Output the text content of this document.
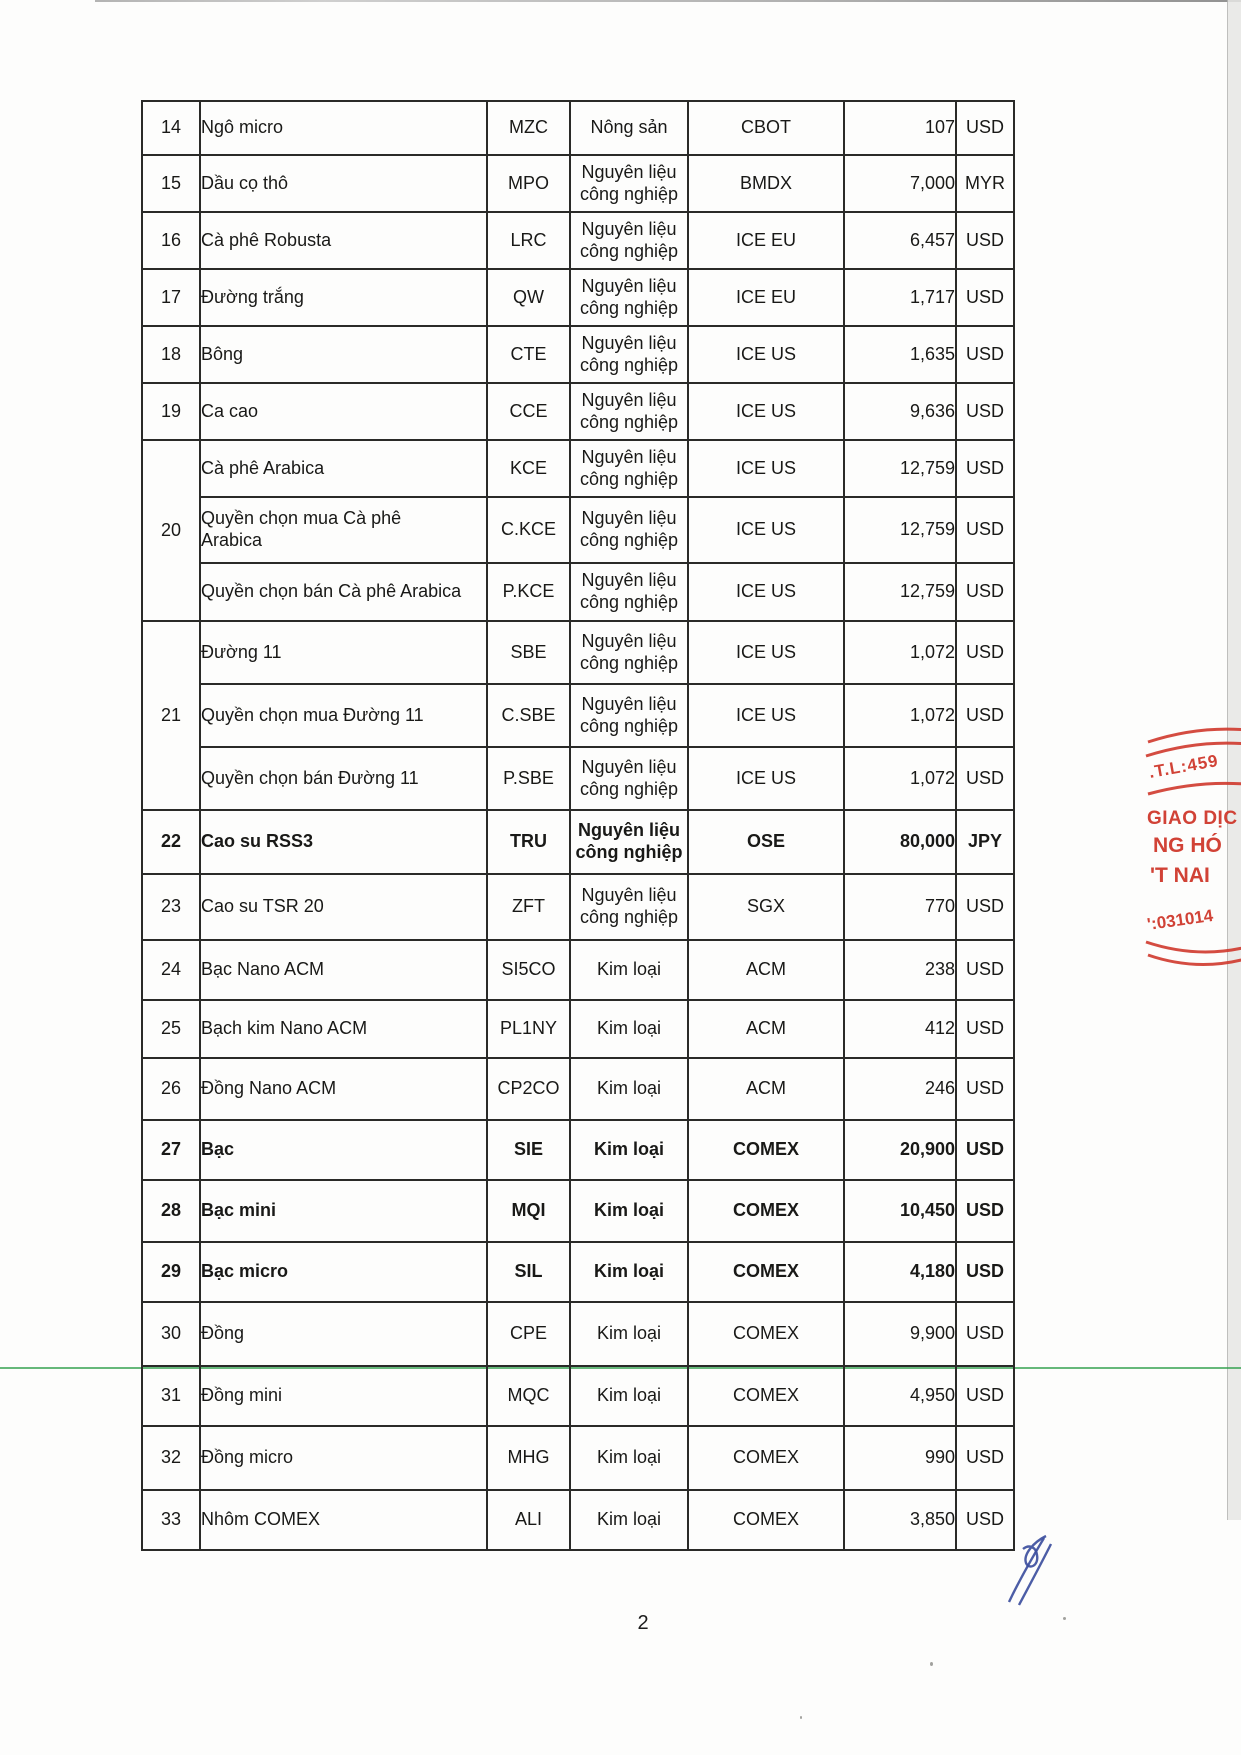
14	Ngô micro	MZC	Nông sản	CBOT	107	USD
15	Dầu cọ thô	MPO	Nguyên liệu công nghiệp	BMDX	7,000	MYR
16	Cà phê Robusta	LRC	Nguyên liệu công nghiệp	ICE EU	6,457	USD
17	Đường trắng	QW	Nguyên liệu công nghiệp	ICE EU	1,717	USD
18	Bông	CTE	Nguyên liệu công nghiệp	ICE US	1,635	USD
19	Ca cao	CCE	Nguyên liệu công nghiệp	ICE US	9,636	USD
20	Cà phê Arabica	KCE	Nguyên liệu công nghiệp	ICE US	12,759	USD
	Quyền chọn mua Cà phê Arabica	C.KCE	Nguyên liệu công nghiệp	ICE US	12,759	USD
	Quyền chọn bán Cà phê Arabica	P.KCE	Nguyên liệu công nghiệp	ICE US	12,759	USD
21	Đường 11	SBE	Nguyên liệu công nghiệp	ICE US	1,072	USD
	Quyền chọn mua Đường 11	C.SBE	Nguyên liệu công nghiệp	ICE US	1,072	USD
	Quyền chọn bán Đường 11	P.SBE	Nguyên liệu công nghiệp	ICE US	1,072	USD
22	Cao su RSS3	TRU	Nguyên liệu công nghiệp	OSE	80,000	JPY
23	Cao su TSR 20	ZFT	Nguyên liệu công nghiệp	SGX	770	USD
24	Bạc Nano ACM	SI5CO	Kim loại	ACM	238	USD
25	Bạch kim Nano ACM	PL1NY	Kim loại	ACM	412	USD
26	Đồng Nano ACM	CP2CO	Kim loại	ACM	246	USD
27	Bạc	SIE	Kim loại	COMEX	20,900	USD
28	Bạc mini	MQI	Kim loại	COMEX	10,450	USD
29	Bạc micro	SIL	Kim loại	COMEX	4,180	USD
30	Đồng	CPE	Kim loại	COMEX	9,900	USD
31	Đồng mini	MQC	Kim loại	COMEX	4,950	USD
32	Đồng micro	MHG	Kim loại	COMEX	990	USD
33	Nhôm COMEX	ALI	Kim loại	COMEX	3,850	USD
.T.L:459
GIAO DỊC
NG HÓ
'T NAI
':031014
2
